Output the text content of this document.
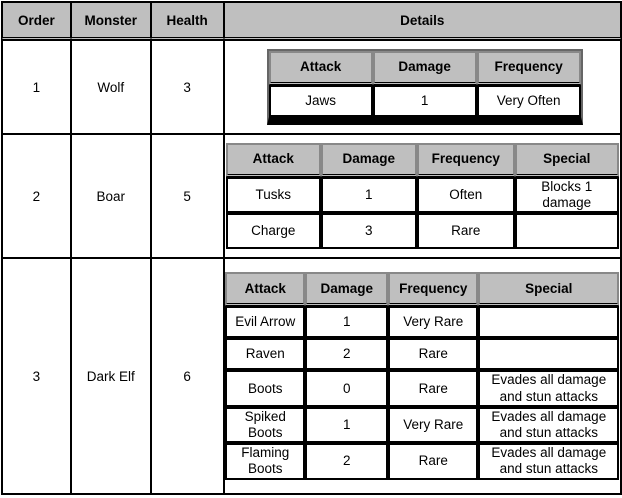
Order	Monster	Health	Details
1	Wolf	3	
Attack	Damage	Frequency
Jaws	1	Very Often

2	Boar	5	
Attack	Damage	Frequency	Special
Tusks	1	Often	Blocks 1 damage
Charge	3	Rare	

3	Dark Elf	6	
Attack	Damage	Frequency	Special
Evil Arrow	1	Very Rare	
Raven	2	Rare	
Boots	0	Rare	Evades all damage and stun attacks
Spiked Boots	1	Very Rare	Evades all damage and stun attacks
Flaming Boots	2	Rare	Evades all damage and stun attacks
